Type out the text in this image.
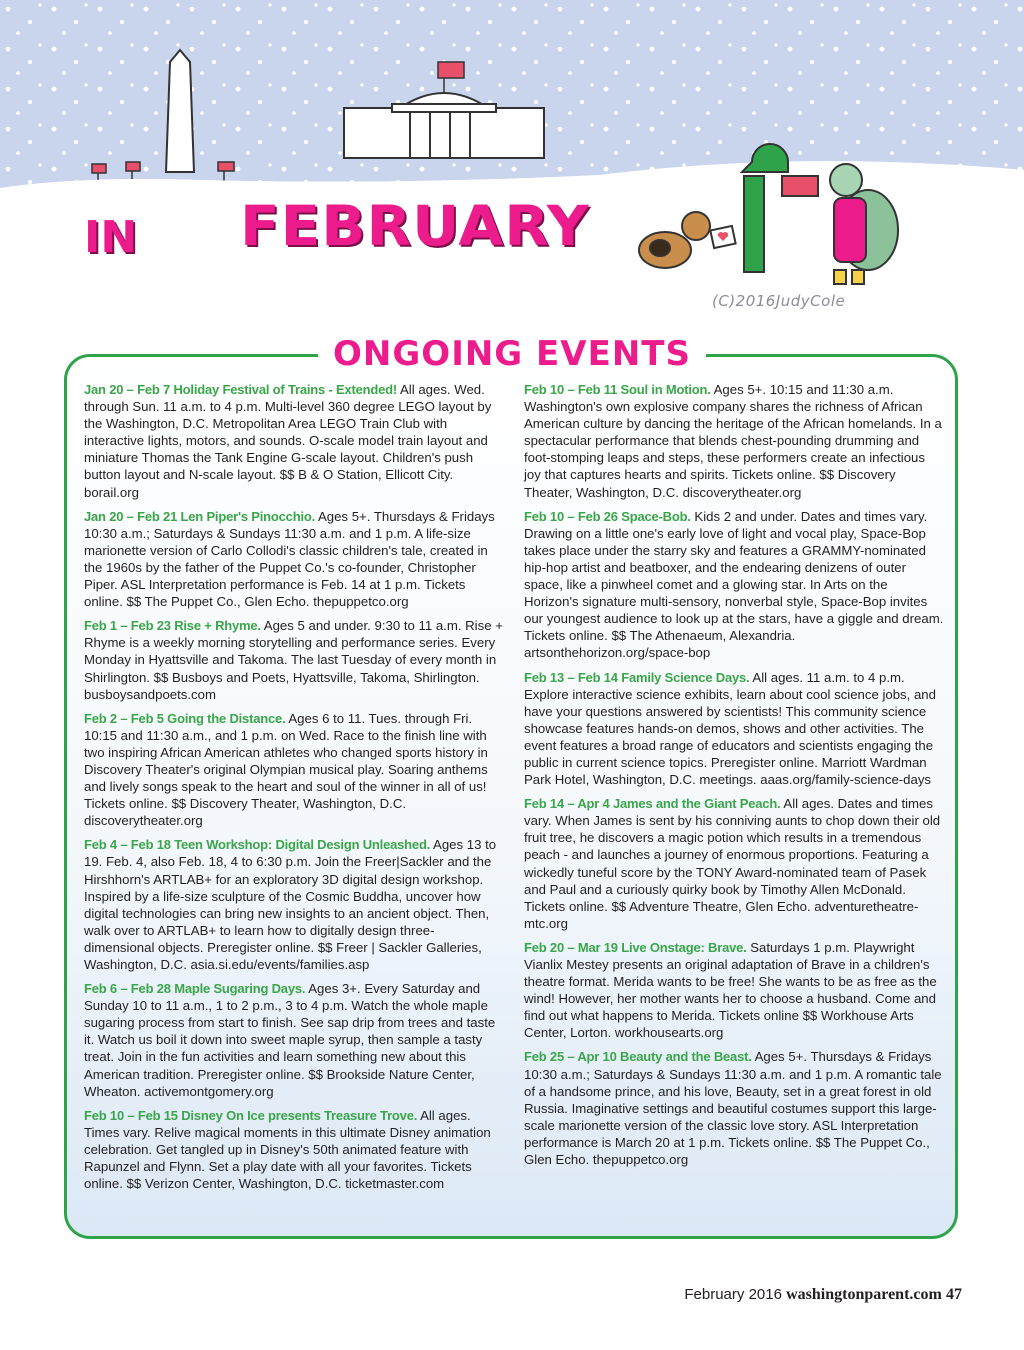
IN FEBRUARY
(C)2016JudyCole
ONGOING EVENTS

Jan 20 – Feb 7 Holiday Festival of Trains - Extended! All ages. Wed. through Sun. 11 a.m. to 4 p.m. Multi-level 360 degree LEGO layout by the Washington, D.C. Metropolitan Area LEGO Train Club with interactive lights, motors, and sounds. O-scale model train layout and miniature Thomas the Tank Engine G-scale layout. Children's push button layout and N-scale layout. $$ B & O Station, Ellicott City. borail.org

Jan 20 – Feb 21 Len Piper's Pinocchio. Ages 5+. Thursdays & Fridays 10:30 a.m.; Saturdays & Sundays 11:30 a.m. and 1 p.m. A life-size marionette version of Carlo Collodi's classic children's tale, created in the 1960s by the father of the Puppet Co.'s co-founder, Christopher Piper. ASL Interpretation performance is Feb. 14 at 1 p.m. Tickets online. $$ The Puppet Co., Glen Echo. thepuppetco.org

Feb 1 – Feb 23 Rise + Rhyme. Ages 5 and under. 9:30 to 11 a.m. Rise + Rhyme is a weekly morning storytelling and performance series. Every Monday in Hyattsville and Takoma. The last Tuesday of every month in Shirlington. $$ Busboys and Poets, Hyattsville, Takoma, Shirlington. busboysandpoets.com

Feb 2 – Feb 5 Going the Distance. Ages 6 to 11. Tues. through Fri. 10:15 and 11:30 a.m., and 1 p.m. on Wed. Race to the finish line with two inspiring African American athletes who changed sports history in Discovery Theater's original Olympian musical play. Soaring anthems and lively songs speak to the heart and soul of the winner in all of us! Tickets online. $$ Discovery Theater, Washington, D.C. discoverytheater.org

Feb 4 – Feb 18 Teen Workshop: Digital Design Unleashed. Ages 13 to 19. Feb. 4, also Feb. 18, 4 to 6:30 p.m. Join the Freer|Sackler and the Hirshhorn's ARTLAB+ for an exploratory 3D digital design workshop. Inspired by a life-size sculpture of the Cosmic Buddha, uncover how digital technologies can bring new insights to an ancient object. Then, walk over to ARTLAB+ to learn how to digitally design three-dimensional objects. Preregister online. $$ Freer | Sackler Galleries, Washington, D.C. asia.si.edu/events/families.asp

Feb 6 – Feb 28 Maple Sugaring Days. Ages 3+. Every Saturday and Sunday 10 to 11 a.m., 1 to 2 p.m., 3 to 4 p.m. Watch the whole maple sugaring process from start to finish. See sap drip from trees and taste it. Watch us boil it down into sweet maple syrup, then sample a tasty treat. Join in the fun activities and learn something new about this American tradition. Preregister online. $$ Brookside Nature Center, Wheaton. activemontgomery.org

Feb 10 – Feb 15 Disney On Ice presents Treasure Trove. All ages. Times vary. Relive magical moments in this ultimate Disney animation celebration. Get tangled up in Disney's 50th animated feature with Rapunzel and Flynn. Set a play date with all your favorites. Tickets online. $$ Verizon Center, Washington, D.C. ticketmaster.com

Feb 10 – Feb 11 Soul in Motion. Ages 5+. 10:15 and 11:30 a.m. Washington's own explosive company shares the richness of African American culture by dancing the heritage of the African homelands. In a spectacular performance that blends chest-pounding drumming and foot-stomping leaps and steps, these performers create an infectious joy that captures hearts and spirits. Tickets online. $$ Discovery Theater, Washington, D.C. discoverytheater.org

Feb 10 – Feb 26 Space-Bob. Kids 2 and under. Dates and times vary. Drawing on a little one's early love of light and vocal play, Space-Bop takes place under the starry sky and features a GRAMMY-nominated hip-hop artist and beatboxer, and the endearing denizens of outer space, like a pinwheel comet and a glowing star. In Arts on the Horizon's signature multi-sensory, nonverbal style, Space-Bop invites our youngest audience to look up at the stars, have a giggle and dream. Tickets online. $$ The Athenaeum, Alexandria. artsonthehorizon.org/space-bop

Feb 13 – Feb 14 Family Science Days. All ages. 11 a.m. to 4 p.m. Explore interactive science exhibits, learn about cool science jobs, and have your questions answered by scientists! This community science showcase features hands-on demos, shows and other activities. The event features a broad range of educators and scientists engaging the public in current science topics. Preregister online. Marriott Wardman Park Hotel, Washington, D.C. meetings. aaas.org/family-science-days

Feb 14 – Apr 4 James and the Giant Peach. All ages. Dates and times vary. When James is sent by his conniving aunts to chop down their old fruit tree, he discovers a magic potion which results in a tremendous peach - and launches a journey of enormous proportions. Featuring a wickedly tuneful score by the TONY Award-nominated team of Pasek and Paul and a curiously quirky book by Timothy Allen McDonald. Tickets online. $$ Adventure Theatre, Glen Echo. adventuretheatre-mtc.org

Feb 20 – Mar 19 Live Onstage: Brave. Saturdays 1 p.m. Playwright Vianlix Mestey presents an original adaptation of Brave in a children's theatre format. Merida wants to be free! She wants to be as free as the wind! However, her mother wants her to choose a husband. Come and find out what happens to Merida. Tickets online $$ Workhouse Arts Center, Lorton. workhousearts.org

Feb 25 – Apr 10 Beauty and the Beast. Ages 5+. Thursdays & Fridays 10:30 a.m.; Saturdays & Sundays 11:30 a.m. and 1 p.m. A romantic tale of a handsome prince, and his love, Beauty, set in a great forest in old Russia. Imaginative settings and beautiful costumes support this large-scale marionette version of the classic love story. ASL Interpretation performance is March 20 at 1 p.m. Tickets online. $$ The Puppet Co., Glen Echo. thepuppetco.org

February 2016 washingtonparent.com 47
